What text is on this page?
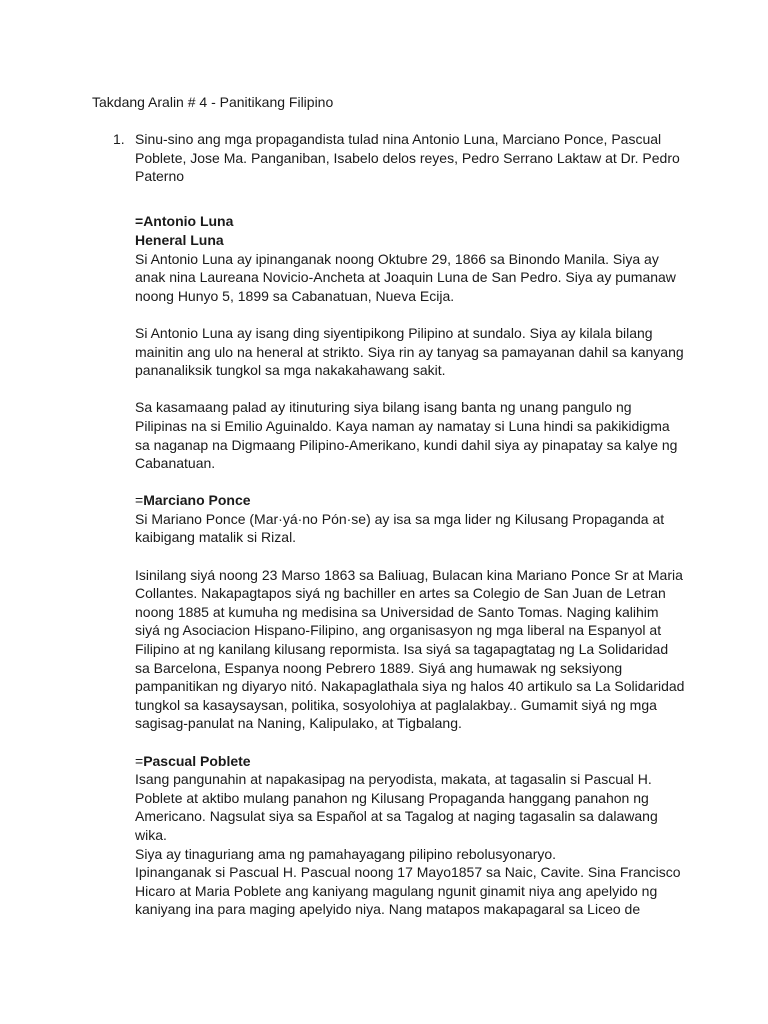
Takdang Aralin # 4 - Panitikang Filipino
1. Sinu-sino ang mga propagandista tulad nina Antonio Luna, Marciano Ponce, Pascual
Poblete, Jose Ma. Panganiban, Isabelo delos reyes, Pedro Serrano Laktaw at Dr. Pedro
Paterno

=Antonio Luna

Heneral Luna

Si Antonio Luna ay ipinanganak noong Oktubre 29, 1866 sa Binondo Manila. Siya ay
anak nina Laureana Novicio-Ancheta at Joaquin Luna de San Pedro. Siya ay pumanaw
noong Hunyo 5, 1899 sa Cabanatuan, Nueva Ecija.

Si Antonio Luna ay isang ding siyentipikong Pilipino at sundalo. Siya ay kilala bilang
mainitin ang ulo na heneral at strikto. Siya rin ay tanyag sa pamayanan dahil sa kanyang
pananaliksik tungkol sa mga nakakahawang sakit.

Sa kasamaang palad ay itinuturing siya bilang isang banta ng unang pangulo ng
Pilipinas na si Emilio Aguinaldo. Kaya naman ay namatay si Luna hindi sa pakikidigma
sa naganap na Digmaang Pilipino-Amerikano, kundi dahil siya ay pinapatay sa kalye ng
Cabanatuan.

=Marciano Ponce

Si Mariano Ponce (Mar·yá·no Pón·se) ay isa sa mga lider ng Kilusang Propaganda at
kaibigang matalik si Rizal.

Isinilang siyá noong 23 Marso 1863 sa Baliuag, Bulacan kina Mariano Ponce Sr at Maria
Collantes. Nakapagtapos siyá ng bachiller en artes sa Colegio de San Juan de Letran
noong 1885 at kumuha ng medisina sa Universidad de Santo Tomas. Naging kalihim
siyá ng Asociacion Hispano-Filipino, ang organisasyon ng mga liberal na Espanyol at
Filipino at ng kanilang kilusang repormista. Isa siyá sa tagapagtatag ng La Solidaridad
sa Barcelona, Espanya noong Pebrero 1889. Siyá ang humawak ng seksiyong
pampanitikan ng diyaryo nitó. Nakapaglathala siya ng halos 40 artikulo sa La Solidaridad
tungkol sa kasaysaysan, politika, sosyolohiya at paglalakbay.. Gumamit siyá ng mga
sagisag-panulat na Naning, Kalipulako, at Tigbalang.

=Pascual Poblete

Isang pangunahin at napakasipag na peryodista, makata, at tagasalin si Pascual H.
Poblete at aktibo mulang panahon ng Kilusang Propaganda hanggang panahon ng
Americano. Nagsulat siya sa Español at sa Tagalog at naging tagasalin sa dalawang
wika.
Siya ay tinaguriang ama ng pamahayagang pilipino rebolusyonaryo.
Ipinanganak si Pascual H. Pascual noong 17 Mayo1857 sa Naic, Cavite. Sina Francisco
Hicaro at Maria Poblete ang kaniyang magulang ngunit ginamit niya ang apelyido ng
kaniyang ina para maging apelyido niya. Nang matapos makapagaral sa Liceo de
